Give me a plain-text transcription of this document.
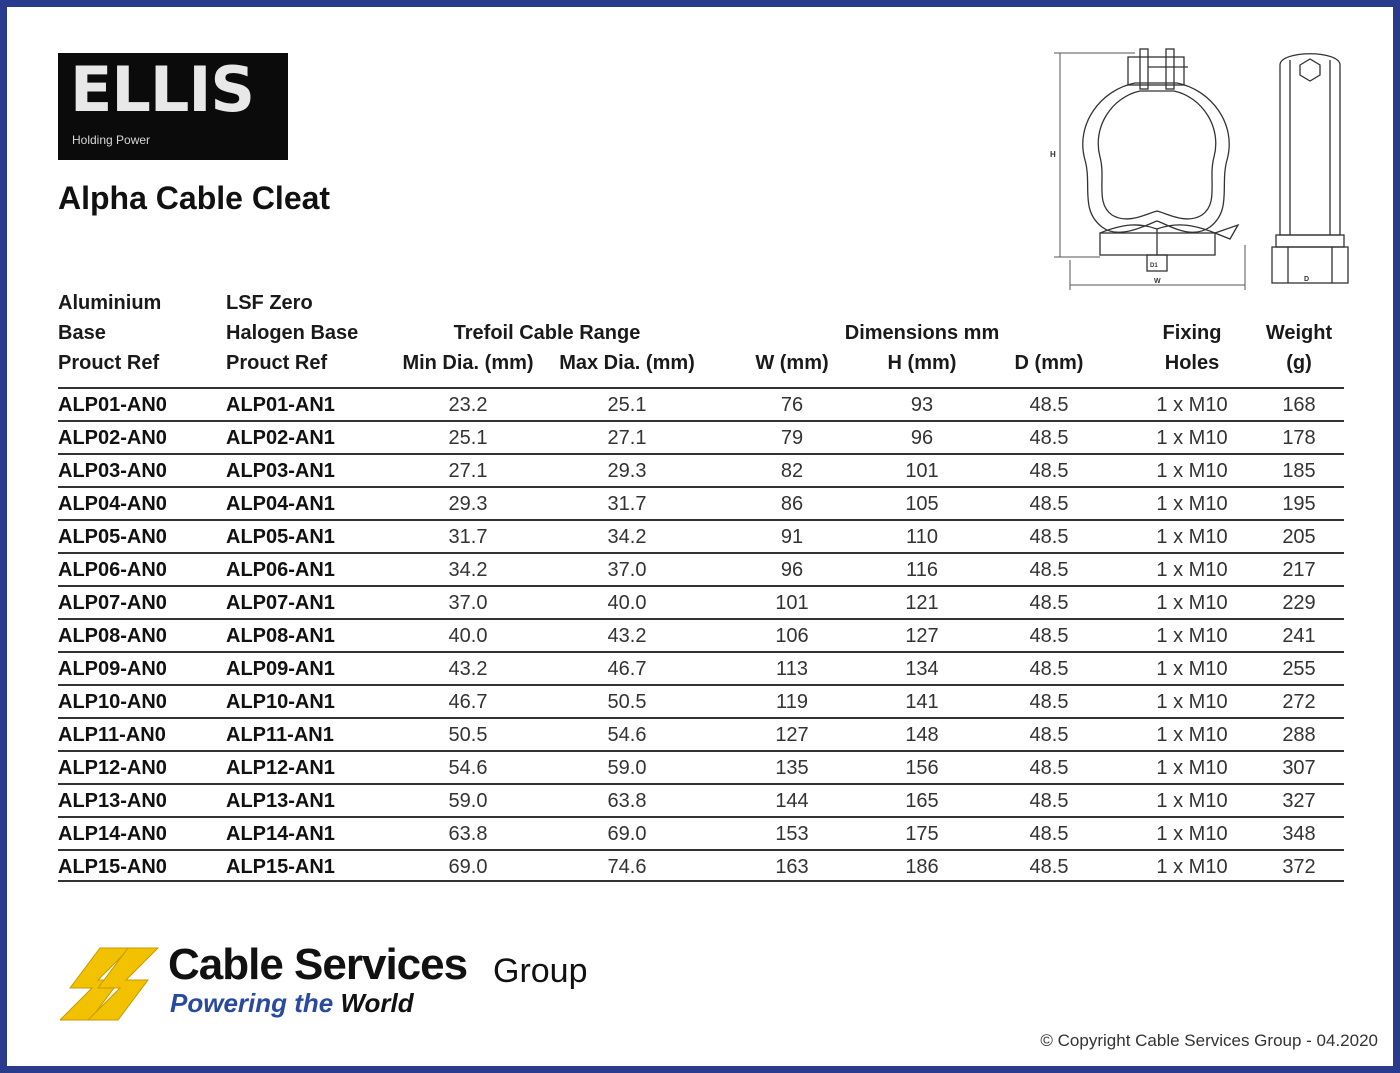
ELLIS
Holding Power
Alpha Cable Cleat
H
W
D1
D
Aluminium
Base
Prouct Ref
LSF Zero
Halogen Base
Prouct Ref
Trefoil Cable Range
Min Dia. (mm) Max Dia. (mm)
Dimensions mm
W (mm)	H (mm)	D (mm)
Fixing
Holes
Weight
(g)
ALP01-AN0	ALP01-AN1	23.2	25.1	76	93	48.5	1 x M10	168
ALP02-AN0	ALP02-AN1	25.1	27.1	79	96	48.5	1 x M10	178
ALP03-AN0	ALP03-AN1	27.1	29.3	82	101	48.5	1 x M10	185
ALP04-AN0	ALP04-AN1	29.3	31.7	86	105	48.5	1 x M10	195
ALP05-AN0	ALP05-AN1	31.7	34.2	91	110	48.5	1 x M10	205
ALP06-AN0	ALP06-AN1	34.2	37.0	96	116	48.5	1 x M10	217
ALP07-AN0	ALP07-AN1	37.0	40.0	101	121	48.5	1 x M10	229
ALP08-AN0	ALP08-AN1	40.0	43.2	106	127	48.5	1 x M10	241
ALP09-AN0	ALP09-AN1	43.2	46.7	113	134	48.5	1 x M10	255
ALP10-AN0	ALP10-AN1	46.7	50.5	119	141	48.5	1 x M10	272
ALP11-AN0	ALP11-AN1	50.5	54.6	127	148	48.5	1 x M10	288
ALP12-AN0	ALP12-AN1	54.6	59.0	135	156	48.5	1 x M10	307
ALP13-AN0	ALP13-AN1	59.0	63.8	144	165	48.5	1 x M10	327
ALP14-AN0	ALP14-AN1	63.8	69.0	153	175	48.5	1 x M10	348
ALP15-AN0	ALP15-AN1	69.0	74.6	163	186	48.5	1 x M10	372
Cable Services Group
Powering the World
© Copyright Cable Services Group - 04.2020
